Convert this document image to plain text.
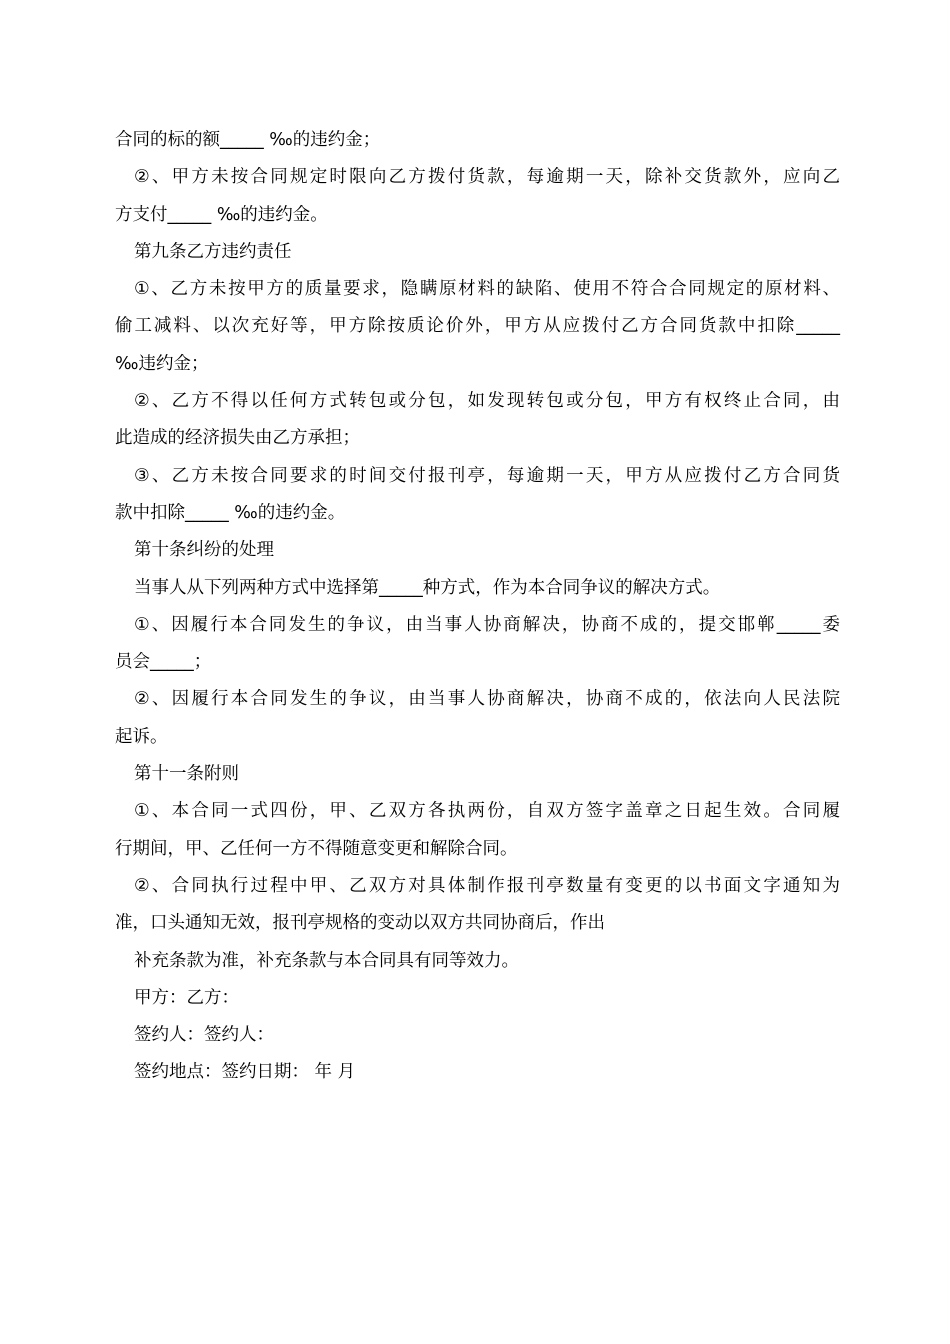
合同的标的额_____ ‰的违约金；
②、甲方未按合同规定时限向乙方拨付货款，每逾期一天，除补交货款外，应向乙
方支付_____ ‰的违约金。
第九条乙方违约责任
①、乙方未按甲方的质量要求，隐瞒原材料的缺陷、使用不符合合同规定的原材料、
偷工减料、以次充好等，甲方除按质论价外，甲方从应拨付乙方合同货款中扣除_____
‰违约金；
②、乙方不得以任何方式转包或分包，如发现转包或分包，甲方有权终止合同，由
此造成的经济损失由乙方承担；
③、乙方未按合同要求的时间交付报刊亭，每逾期一天，甲方从应拨付乙方合同货
款中扣除_____ ‰的违约金。
第十条纠纷的处理
当事人从下列两种方式中选择第_____种方式，作为本合同争议的解决方式。
①、因履行本合同发生的争议，由当事人协商解决，协商不成的，提交邯郸_____委
员会_____；
②、因履行本合同发生的争议，由当事人协商解决，协商不成的，依法向人民法院
起诉。
第十一条附则
①、本合同一式四份，甲、乙双方各执两份，自双方签字盖章之日起生效。合同履
行期间，甲、乙任何一方不得随意变更和解除合同。
②、合同执行过程中甲、乙双方对具体制作报刊亭数量有变更的以书面文字通知为
准，口头通知无效，报刊亭规格的变动以双方共同协商后，作出
补充条款为准，补充条款与本合同具有同等效力。
甲方：乙方：
签约人：签约人：
签约地点：签约日期： 年 月
